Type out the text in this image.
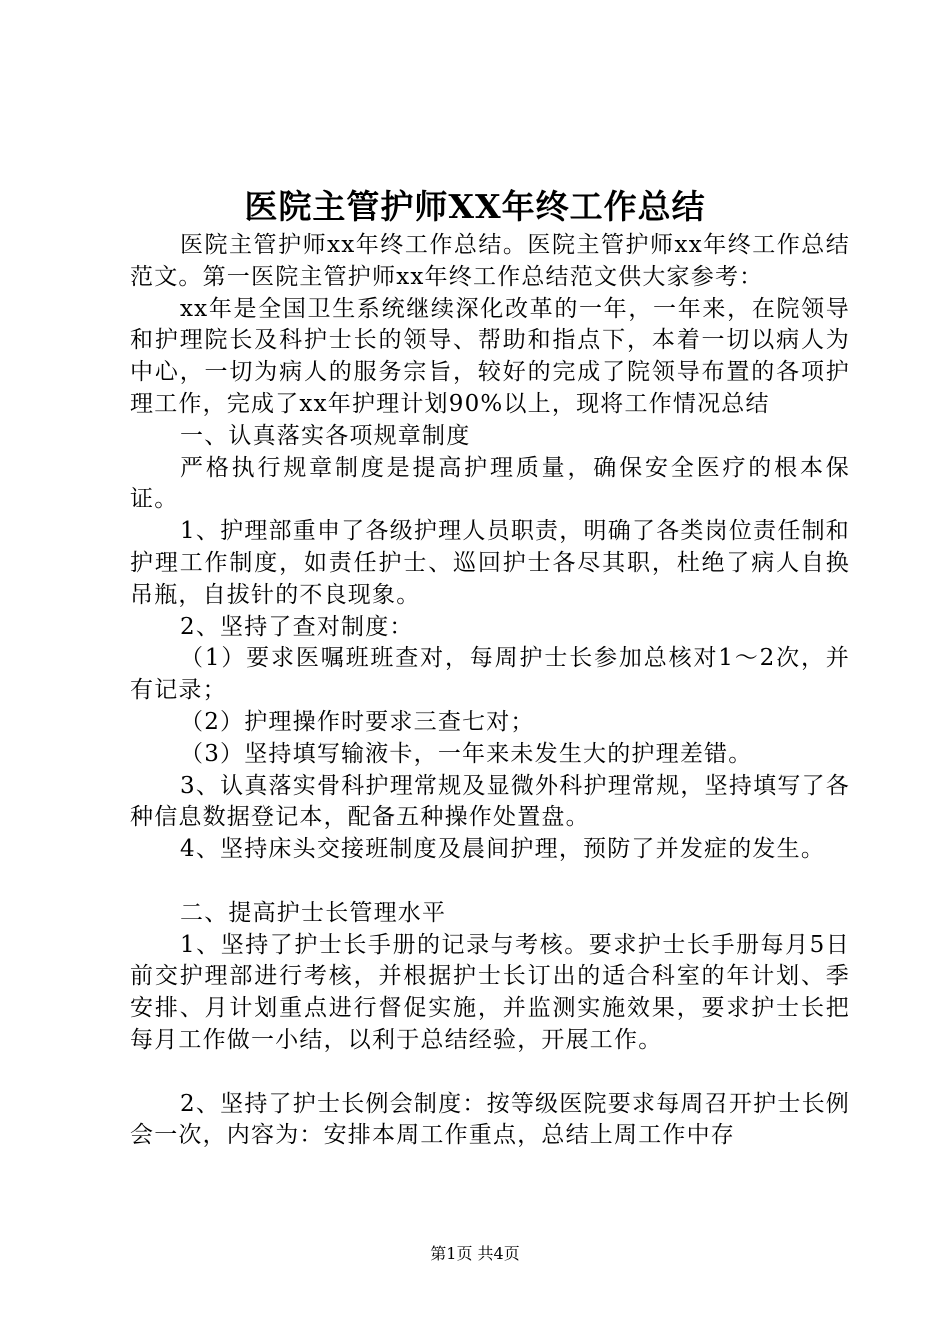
医院主管护师XX年终工作总结

医院主管护师xx年终工作总结。医院主管护师xx年终工作总结范文。第一医院主管护师xx年终工作总结范文供大家参考：

xx年是全国卫生系统继续深化改革的一年，一年来，在院领导和护理院长及科护士长的领导、帮助和指点下，本着一切以病人为中心，一切为病人的服务宗旨，较好的完成了院领导布置的各项护理工作，完成了xx年护理计划90%以上，现将工作情况总结

一、认真落实各项规章制度

严格执行规章制度是提高护理质量，确保安全医疗的根本保证。

1、护理部重申了各级护理人员职责，明确了各类岗位责任制和护理工作制度，如责任护士、巡回护士各尽其职，杜绝了病人自换吊瓶，自拔针的不良现象。

2、坚持了查对制度：

（1）要求医嘱班班查对，每周护士长参加总核对1～2次，并有记录；

（2）护理操作时要求三查七对；

（3）坚持填写输液卡，一年来未发生大的护理差错。

3、认真落实骨科护理常规及显微外科护理常规，坚持填写了各种信息数据登记本，配备五种操作处置盘。

4、坚持床头交接班制度及晨间护理，预防了并发症的发生。

二、提高护士长管理水平

1、坚持了护士长手册的记录与考核。要求护士长手册每月5日前交护理部进行考核，并根据护士长订出的适合科室的年计划、季安排、月计划重点进行督促实施，并监测实施效果，要求护士长把每月工作做一小结，以利于总结经验，开展工作。

2、坚持了护士长例会制度：按等级医院要求每周召开护士长例会一次，内容为：安排本周工作重点，总结上周工作中存

第1页 共4页
